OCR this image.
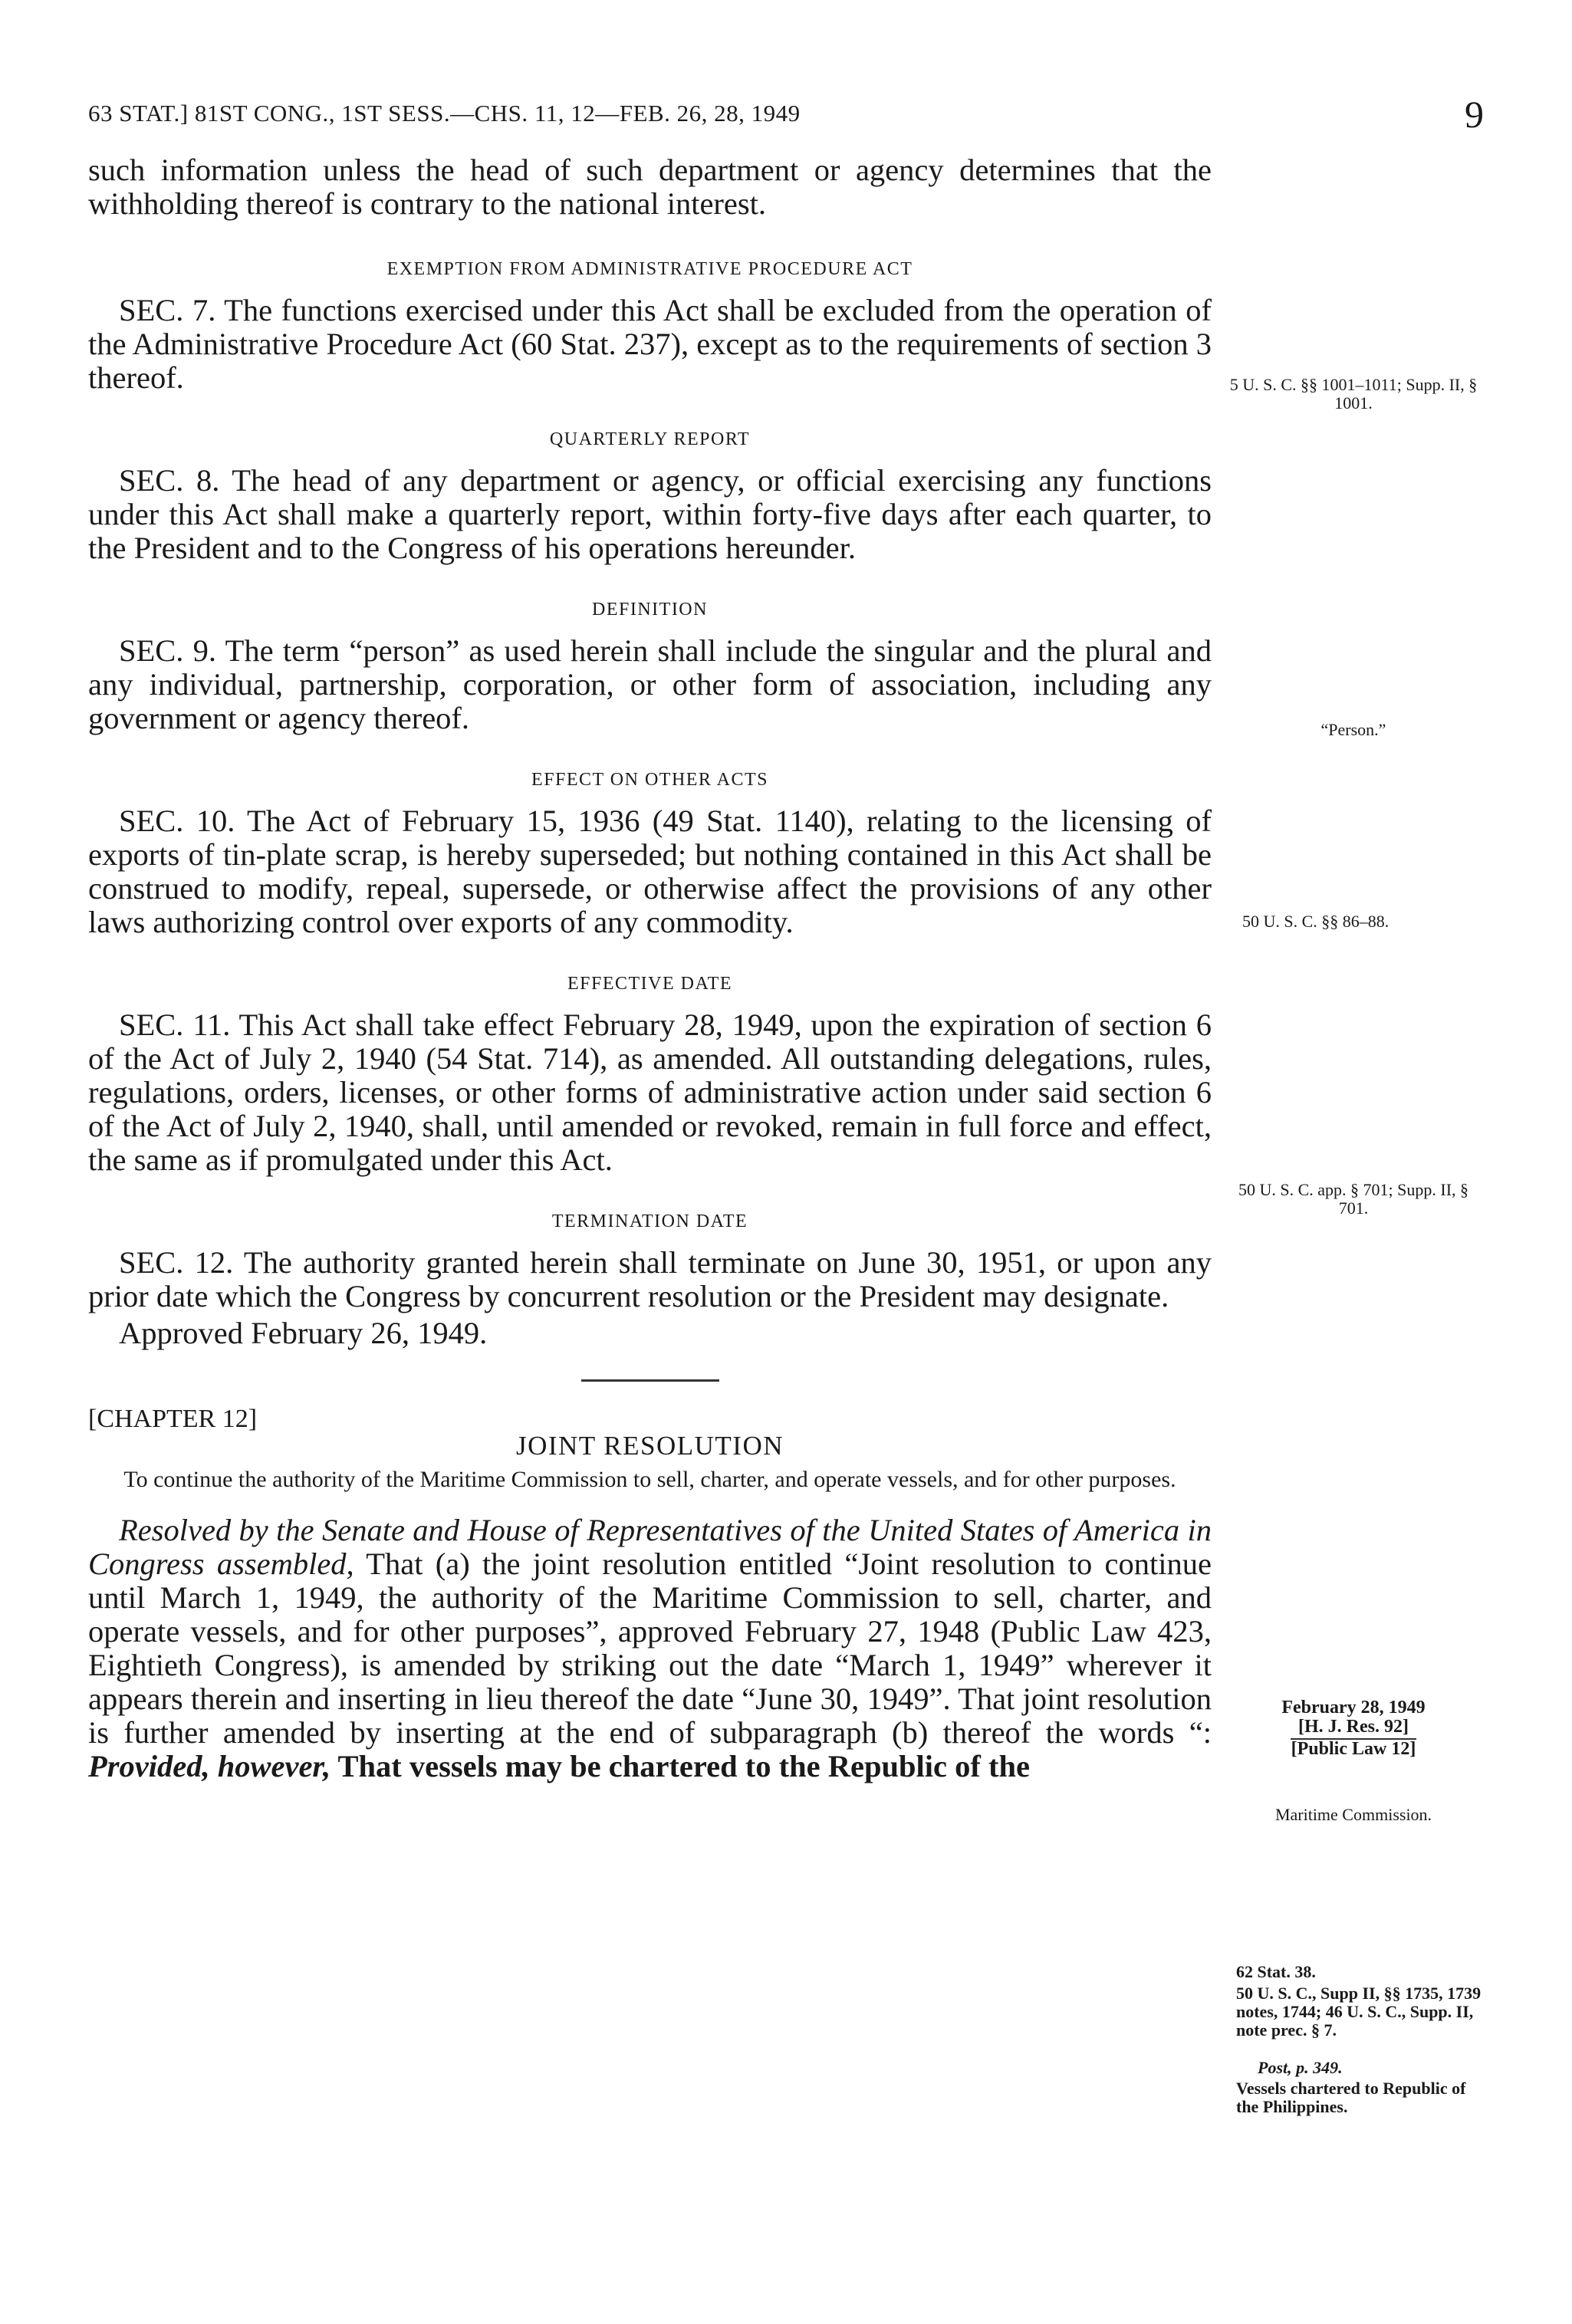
63 STAT.] 81ST CONG., 1ST SESS.—CHS. 11, 12—FEB. 26, 28, 1949	9

such information unless the head of such department or agency determines that the withholding thereof is contrary to the national interest.

EXEMPTION FROM ADMINISTRATIVE PROCEDURE ACT

SEC. 7. The functions exercised under this Act shall be excluded from the operation of the Administrative Procedure Act (60 Stat. 237), except as to the requirements of section 3 thereof.

QUARTERLY REPORT

SEC. 8. The head of any department or agency, or official exercising any functions under this Act shall make a quarterly report, within forty-five days after each quarter, to the President and to the Congress of his operations hereunder.

DEFINITION

SEC. 9. The term “person” as used herein shall include the singular and the plural and any individual, partnership, corporation, or other form of association, including any government or agency thereof.

EFFECT ON OTHER ACTS

SEC. 10. The Act of February 15, 1936 (49 Stat. 1140), relating to the licensing of exports of tin-plate scrap, is hereby superseded; but nothing contained in this Act shall be construed to modify, repeal, supersede, or otherwise affect the provisions of any other laws authorizing control over exports of any commodity.

EFFECTIVE DATE

SEC. 11. This Act shall take effect February 28, 1949, upon the expiration of section 6 of the Act of July 2, 1940 (54 Stat. 714), as amended. All outstanding delegations, rules, regulations, orders, licenses, or other forms of administrative action under said section 6 of the Act of July 2, 1940, shall, until amended or revoked, remain in full force and effect, the same as if promulgated under this Act.

TERMINATION DATE

SEC. 12. The authority granted herein shall terminate on June 30, 1951, or upon any prior date which the Congress by concurrent resolution or the President may designate.

Approved February 26, 1949.

[CHAPTER 12]
JOINT RESOLUTION
To continue the authority of the Maritime Commission to sell, charter, and operate vessels, and for other purposes.

Resolved by the Senate and House of Representatives of the United States of America in Congress assembled, That (a) the joint resolution entitled “Joint resolution to continue until March 1, 1949, the authority of the Maritime Commission to sell, charter, and operate vessels, and for other purposes”, approved February 27, 1948 (Public Law 423, Eightieth Congress), is amended by striking out the date “March 1, 1949” wherever it appears therein and inserting in lieu thereof the date “June 30, 1949”. That joint resolution is further amended by inserting at the end of subparagraph (b) thereof the words “: Provided, however, That vessels may be chartered to the Republic of the

5 U. S. C. §§ 1001–1011; Supp. II, § 1001.
“Person.”
50 U. S. C. §§ 86–88.
50 U. S. C. app. § 701; Supp. II, § 701.
February 28, 1949
[H. J. Res. 92]
[Public Law 12]
Maritime Commission.
62 Stat. 38.
50 U. S. C., Supp II, §§ 1735, 1739 notes, 1744; 46 U. S. C., Supp. II, note prec. § 7.
Post, p. 349.
Vessels chartered to Republic of the Philippines.
